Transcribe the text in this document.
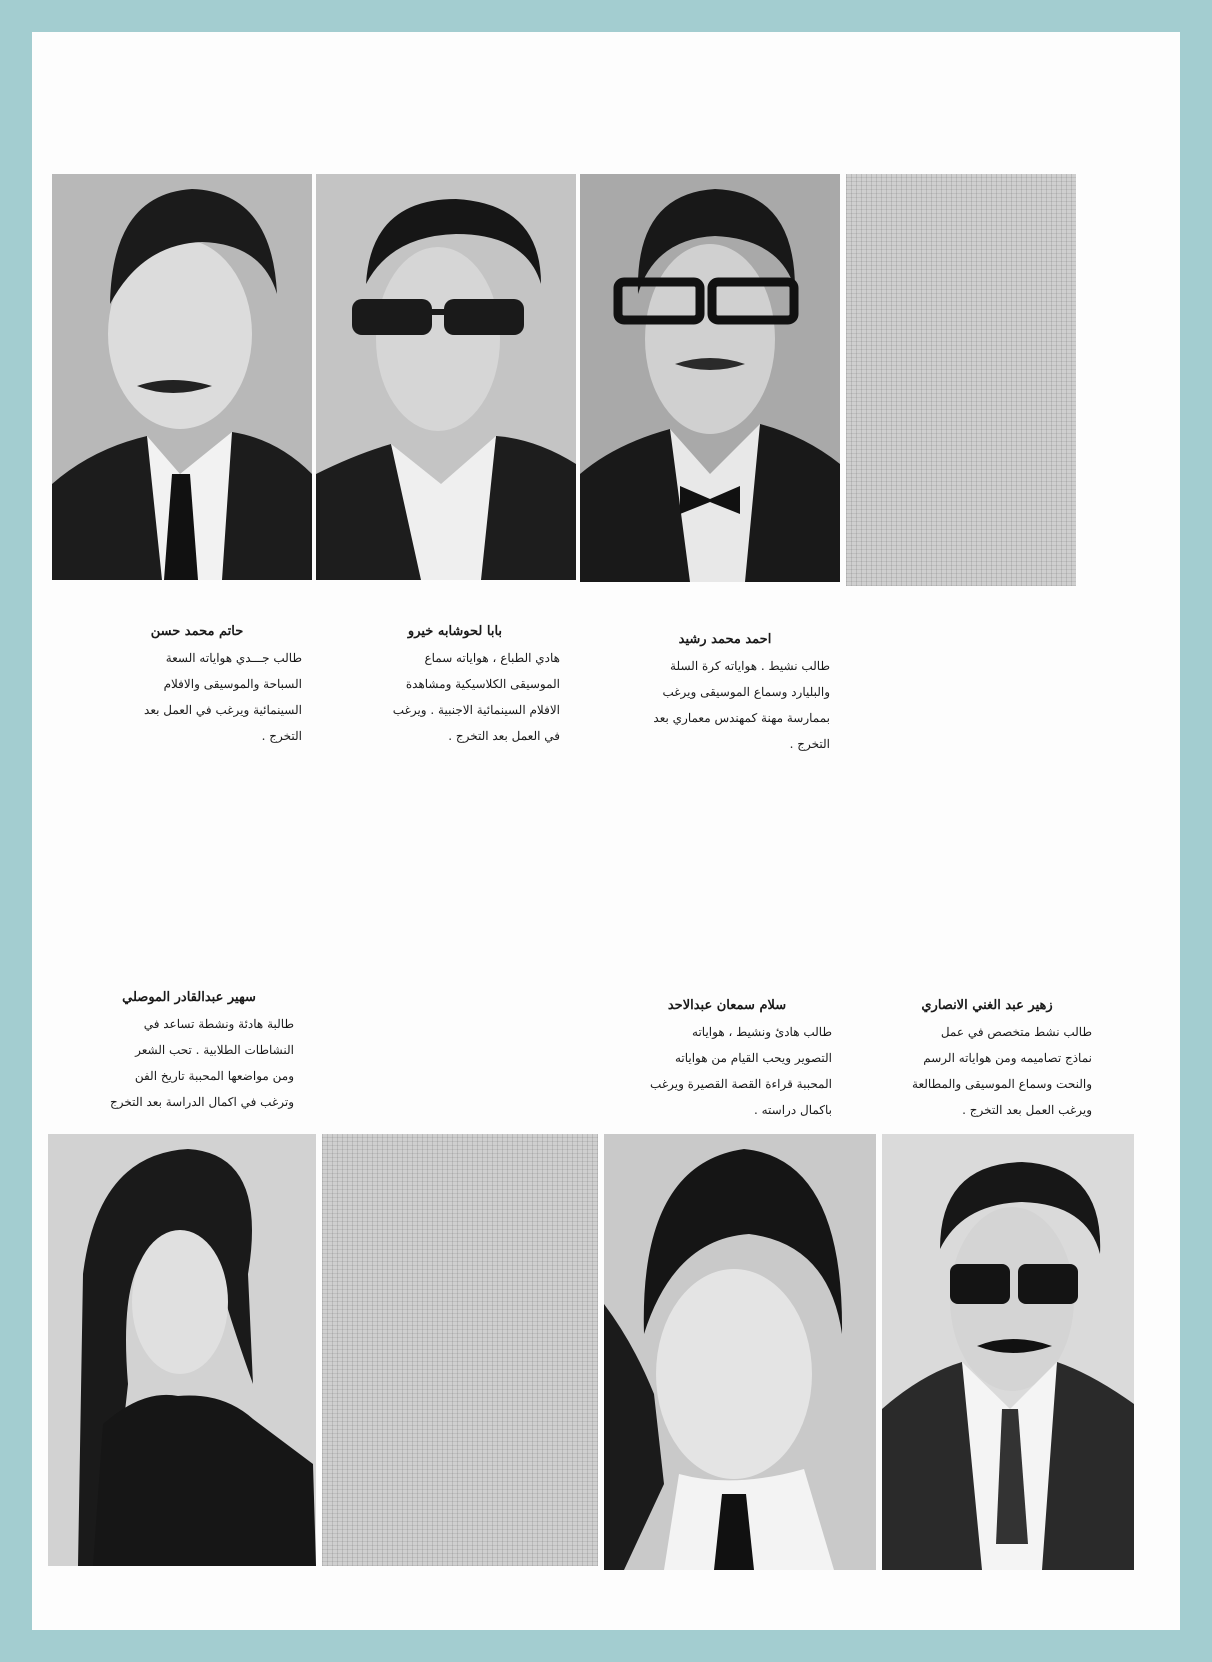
حاتم محمد حسن
طالب جـــدي هواياته السعة
السباحة والموسيقى والافلام
السينمائية ويرغب في العمل بعد
التخرج .
بابا لحوشابه خيرو
هادي الطباع ، هواياته سماع
الموسيقى الكلاسيكية ومشاهدة
الافلام السينمائية الاجنبية . ويرغب
في العمل بعد التخرج .
احمد محمد رشيد
طالب نشيط . هواياته كرة السلة
والبليارد وسماع الموسيقى ويرغب
بممارسة مهنة كمهندس معماري بعد
التخرج .
سهير عبدالقادر الموصلي
طالبة هادئة ونشطة تساعد في
النشاطات الطلابية . تحب الشعر
ومن مواضعها المحببة تاريخ الفن
وترغب في اكمال الدراسة بعد التخرج
سلام سمعان عبدالاحد
طالب هادئ ونشيط ، هواياته
التصوير ويحب القيام من هواياته
المحببة قراءة القصة القصيرة ويرغب
باكمال دراسته .
زهير عبد الغني الانصاري
طالب نشط متخصص في عمل
نماذج تصاميمه ومن هواياته الرسم
والنحت وسماع الموسيقى والمطالعة
ويرغب العمل بعد التخرج .
